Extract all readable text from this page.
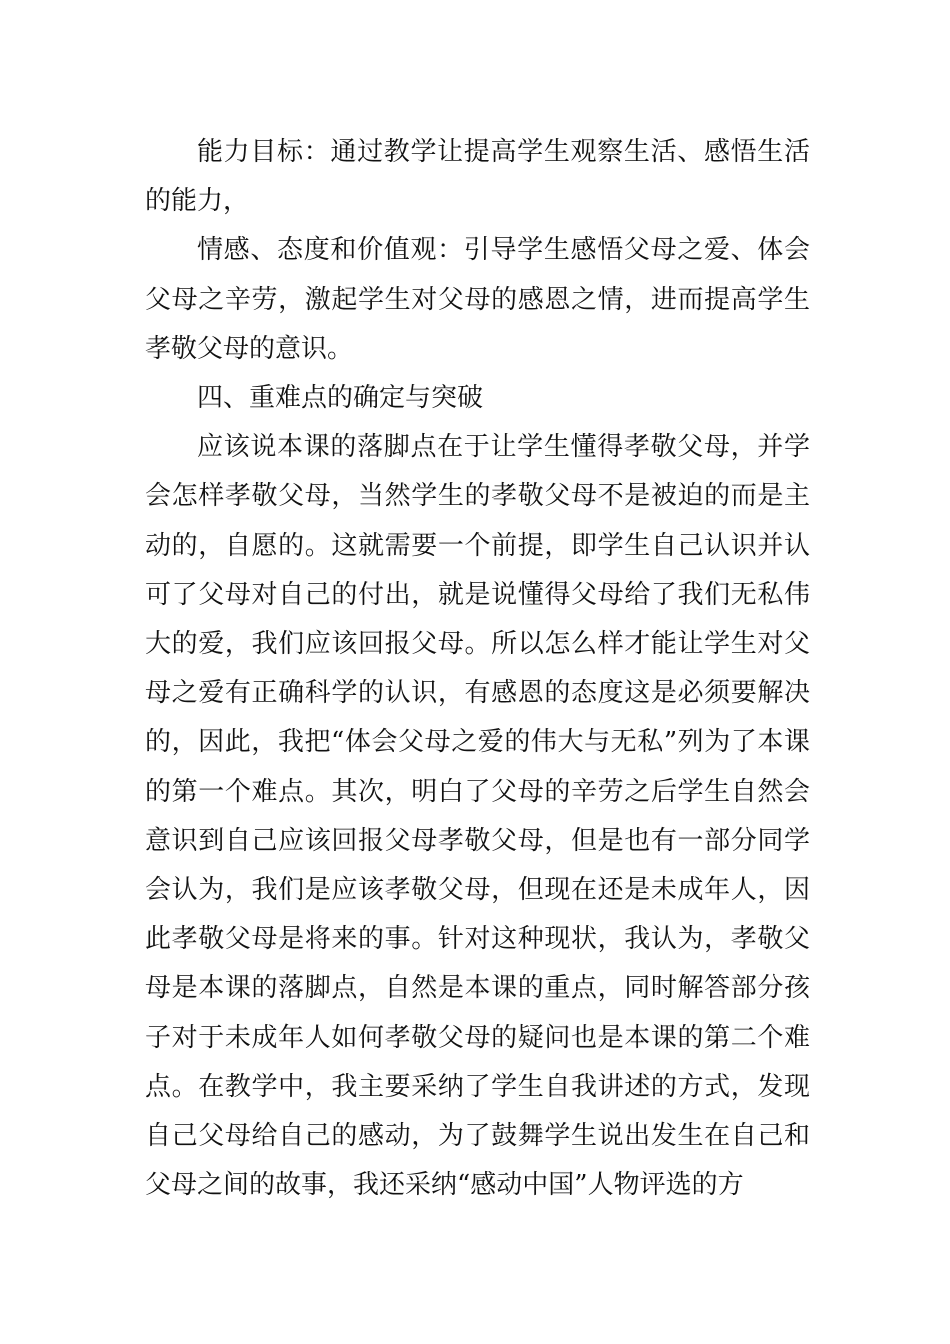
能力目标：通过教学让提高学生观察生活、感悟生活的能力，

情感、态度和价值观：引导学生感悟父母之爱、体会父母之辛劳，激起学生对父母的感恩之情，进而提高学生孝敬父母的意识。

四、重难点的确定与突破

应该说本课的落脚点在于让学生懂得孝敬父母，并学会怎样孝敬父母，当然学生的孝敬父母不是被迫的而是主动的，自愿的。这就需要一个前提，即学生自己认识并认可了父母对自己的付出，就是说懂得父母给了我们无私伟大的爱，我们应该回报父母。所以怎么样才能让学生对父母之爱有正确科学的认识，有感恩的态度这是必须要解决的，因此，我把“体会父母之爱的伟大与无私”列为了本课的第一个难点。其次，明白了父母的辛劳之后学生自然会意识到自己应该回报父母孝敬父母，但是也有一部分同学会认为，我们是应该孝敬父母，但现在还是未成年人，因此孝敬父母是将来的事。针对这种现状，我认为，孝敬父母是本课的落脚点，自然是本课的重点，同时解答部分孩子对于未成年人如何孝敬父母的疑问也是本课的第二个难点。在教学中，我主要采纳了学生自我讲述的方式，发现自己父母给自己的感动，为了鼓舞学生说出发生在自己和父母之间的故事，我还采纳“感动中国”人物评选的方
